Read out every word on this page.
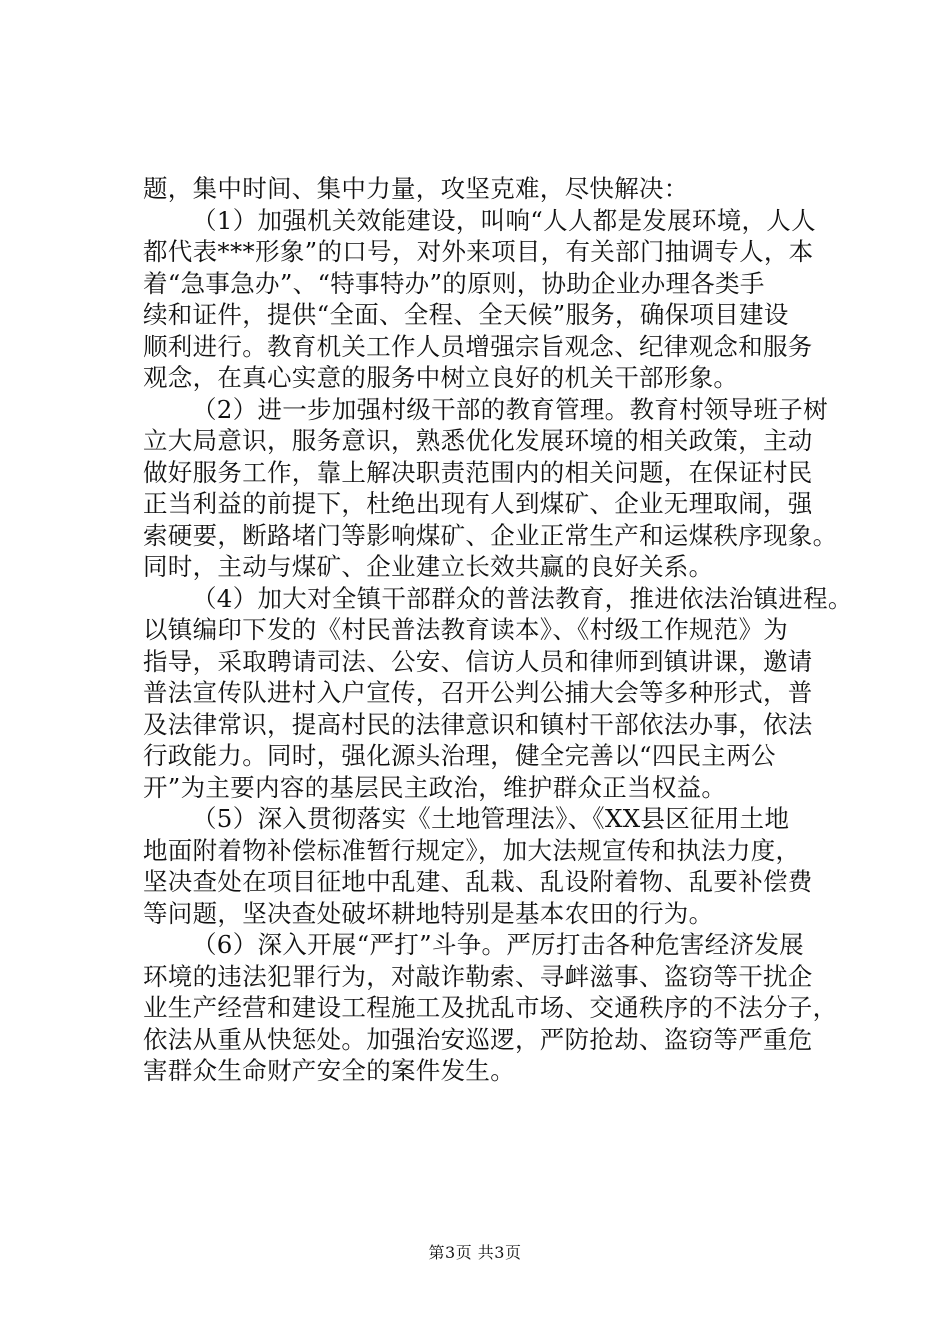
题，集中时间、集中力量，攻坚克难，尽快解决：
（1）加强机关效能建设，叫响“人人都是发展环境，人人
都代表***形象”的口号，对外来项目，有关部门抽调专人，本
着“急事急办”、“特事特办”的原则，协助企业办理各类手
续和证件，提供“全面、全程、全天候”服务，确保项目建设
顺利进行。教育机关工作人员增强宗旨观念、纪律观念和服务
观念，在真心实意的服务中树立良好的机关干部形象。
（2）进一步加强村级干部的教育管理。教育村领导班子树
立大局意识，服务意识，熟悉优化发展环境的相关政策，主动
做好服务工作，靠上解决职责范围内的相关问题，在保证村民
正当利益的前提下，杜绝出现有人到煤矿、企业无理取闹，强
索硬要，断路堵门等影响煤矿、企业正常生产和运煤秩序现象。
同时，主动与煤矿、企业建立长效共赢的良好关系。
（4）加大对全镇干部群众的普法教育，推进依法治镇进程。
以镇编印下发的《村民普法教育读本》、《村级工作规范》为
指导，采取聘请司法、公安、信访人员和律师到镇讲课，邀请
普法宣传队进村入户宣传，召开公判公捕大会等多种形式，普
及法律常识，提高村民的法律意识和镇村干部依法办事，依法
行政能力。同时，强化源头治理，健全完善以“四民主两公
开”为主要内容的基层民主政治，维护群众正当权益。
（5）深入贯彻落实《土地管理法》、《XX县区征用土地
地面附着物补偿标准暂行规定》，加大法规宣传和执法力度，
坚决查处在项目征地中乱建、乱栽、乱设附着物、乱要补偿费
等问题，坚决查处破坏耕地特别是基本农田的行为。
（6）深入开展“严打”斗争。严厉打击各种危害经济发展
环境的违法犯罪行为，对敲诈勒索、寻衅滋事、盗窃等干扰企
业生产经营和建设工程施工及扰乱市场、交通秩序的不法分子，
依法从重从快惩处。加强治安巡逻，严防抢劫、盗窃等严重危
害群众生命财产安全的案件发生。
第3页 共3页
